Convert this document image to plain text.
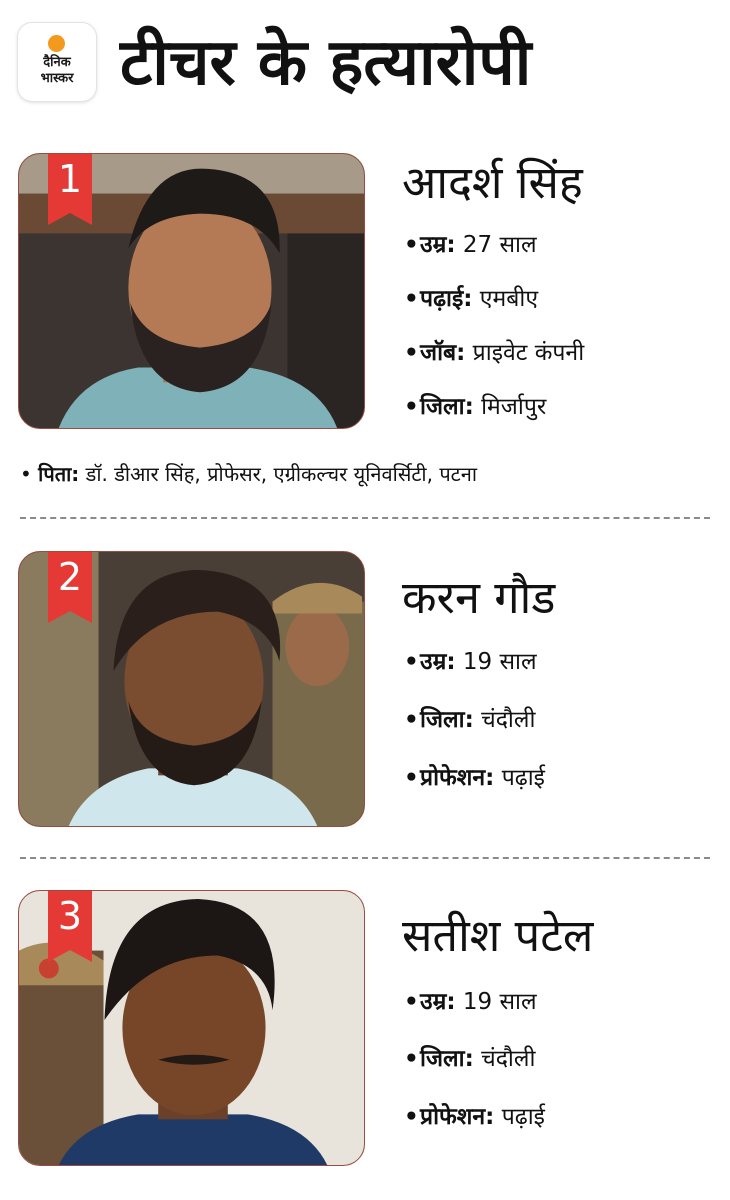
दैनिक
भास्कर टीचर के हत्यारोपी
1	आदर्श सिंह
•उम्र: 27 साल
•पढ़ाई: एमबीए
•जॉब: प्राइवेट कंपनी
•जिला: मिर्जापुर
• पिता: डॉ. डीआर सिंह, प्रोफेसर, एग्रीकल्चर यूनिवर्सिटी, पटना
2	करन गौड
•उम्र: 19 साल
•जिला: चंदौली
•प्रोफेशन: पढ़ाई
3	सतीश पटेल
•उम्र: 19 साल
•जिला: चंदौली
•प्रोफेशन: पढ़ाई
